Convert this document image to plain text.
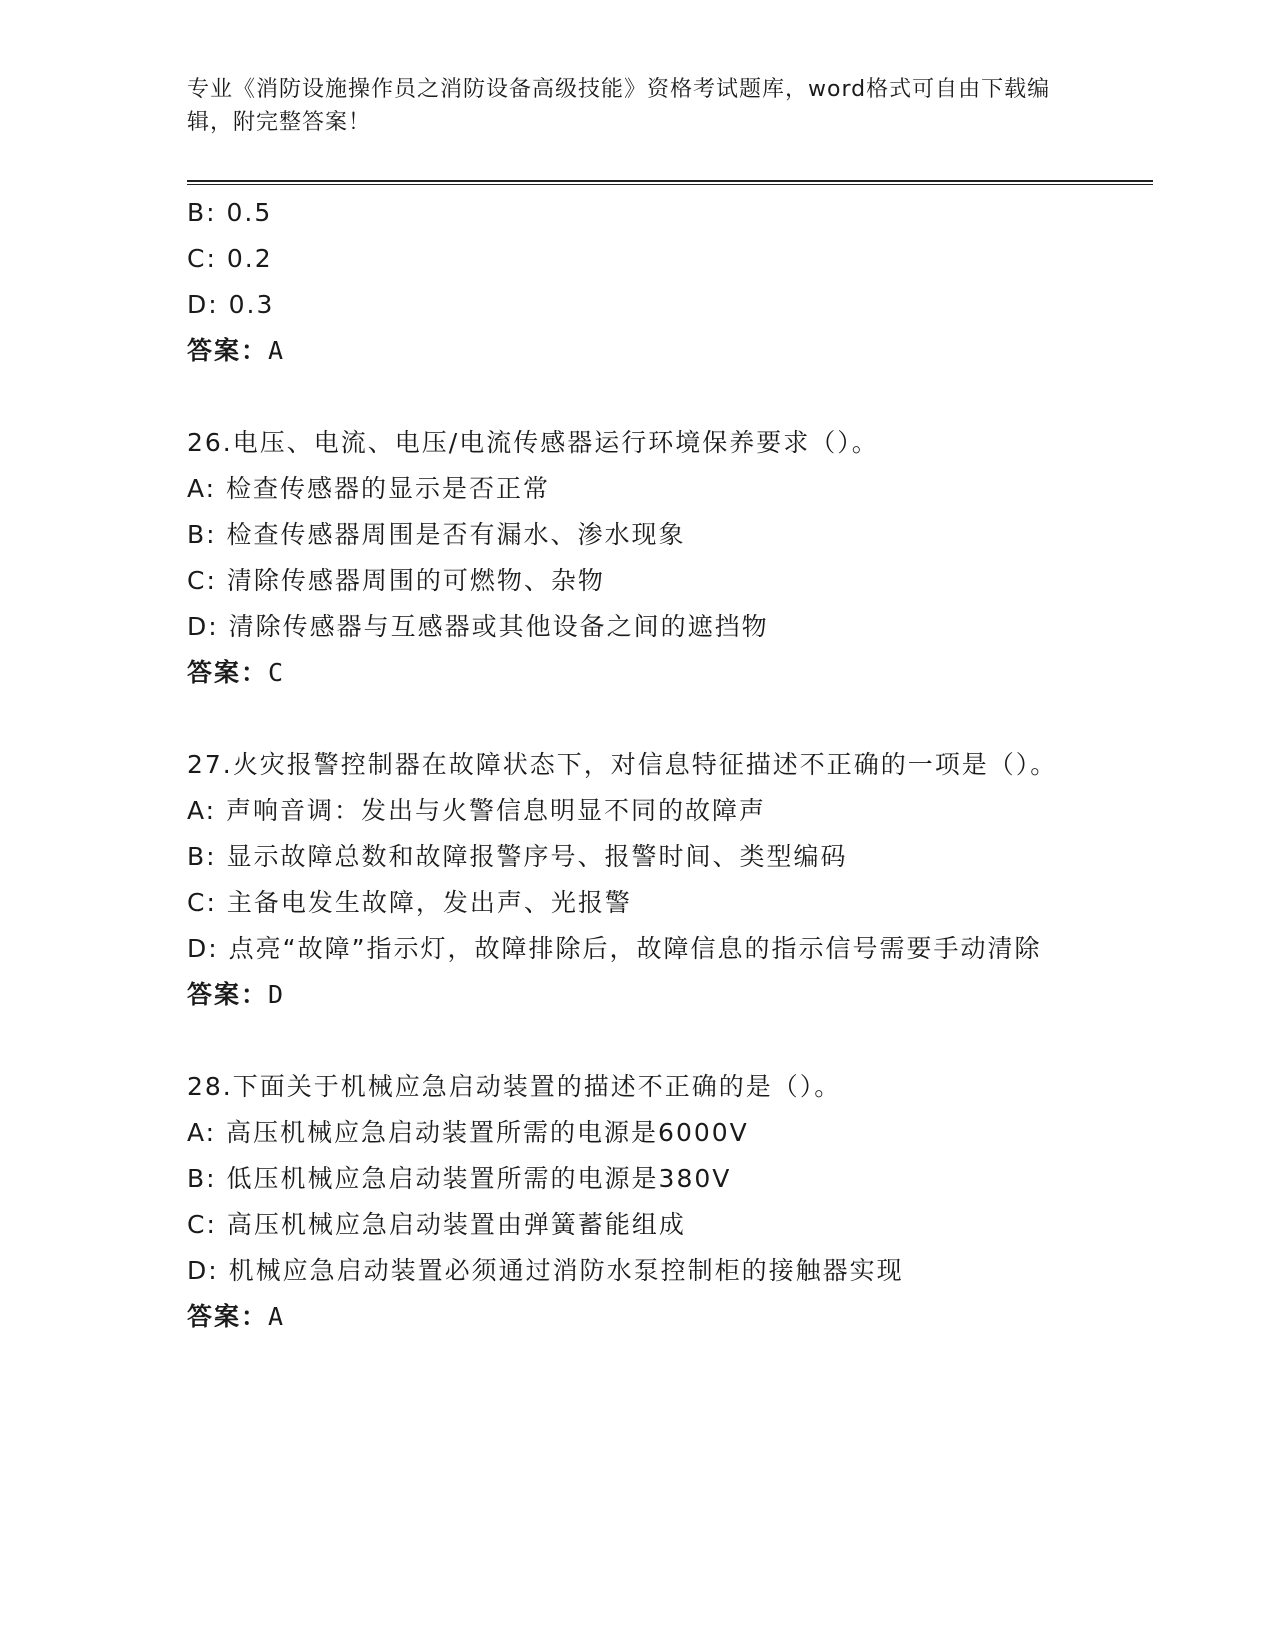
专业《消防设施操作员之消防设备高级技能》资格考试题库，word格式可自由下载编辑，附完整答案！
B: 0.5
C: 0.2
D: 0.3
答案：A
26.电压、电流、电压/电流传感器运行环境保养要求（）。
A: 检查传感器的显示是否正常
B: 检查传感器周围是否有漏水、渗水现象
C: 清除传感器周围的可燃物、杂物
D: 清除传感器与互感器或其他设备之间的遮挡物
答案：C
27.火灾报警控制器在故障状态下，对信息特征描述不正确的一项是（）。
A: 声响音调：发出与火警信息明显不同的故障声
B: 显示故障总数和故障报警序号、报警时间、类型编码
C: 主备电发生故障，发出声、光报警
D: 点亮“故障”指示灯，故障排除后，故障信息的指示信号需要手动清除
答案：D
28.下面关于机械应急启动装置的描述不正确的是（）。
A: 高压机械应急启动装置所需的电源是6000V
B: 低压机械应急启动装置所需的电源是380V
C: 高压机械应急启动装置由弹簧蓄能组成
D: 机械应急启动装置必须通过消防水泵控制柜的接触器实现
答案：A
